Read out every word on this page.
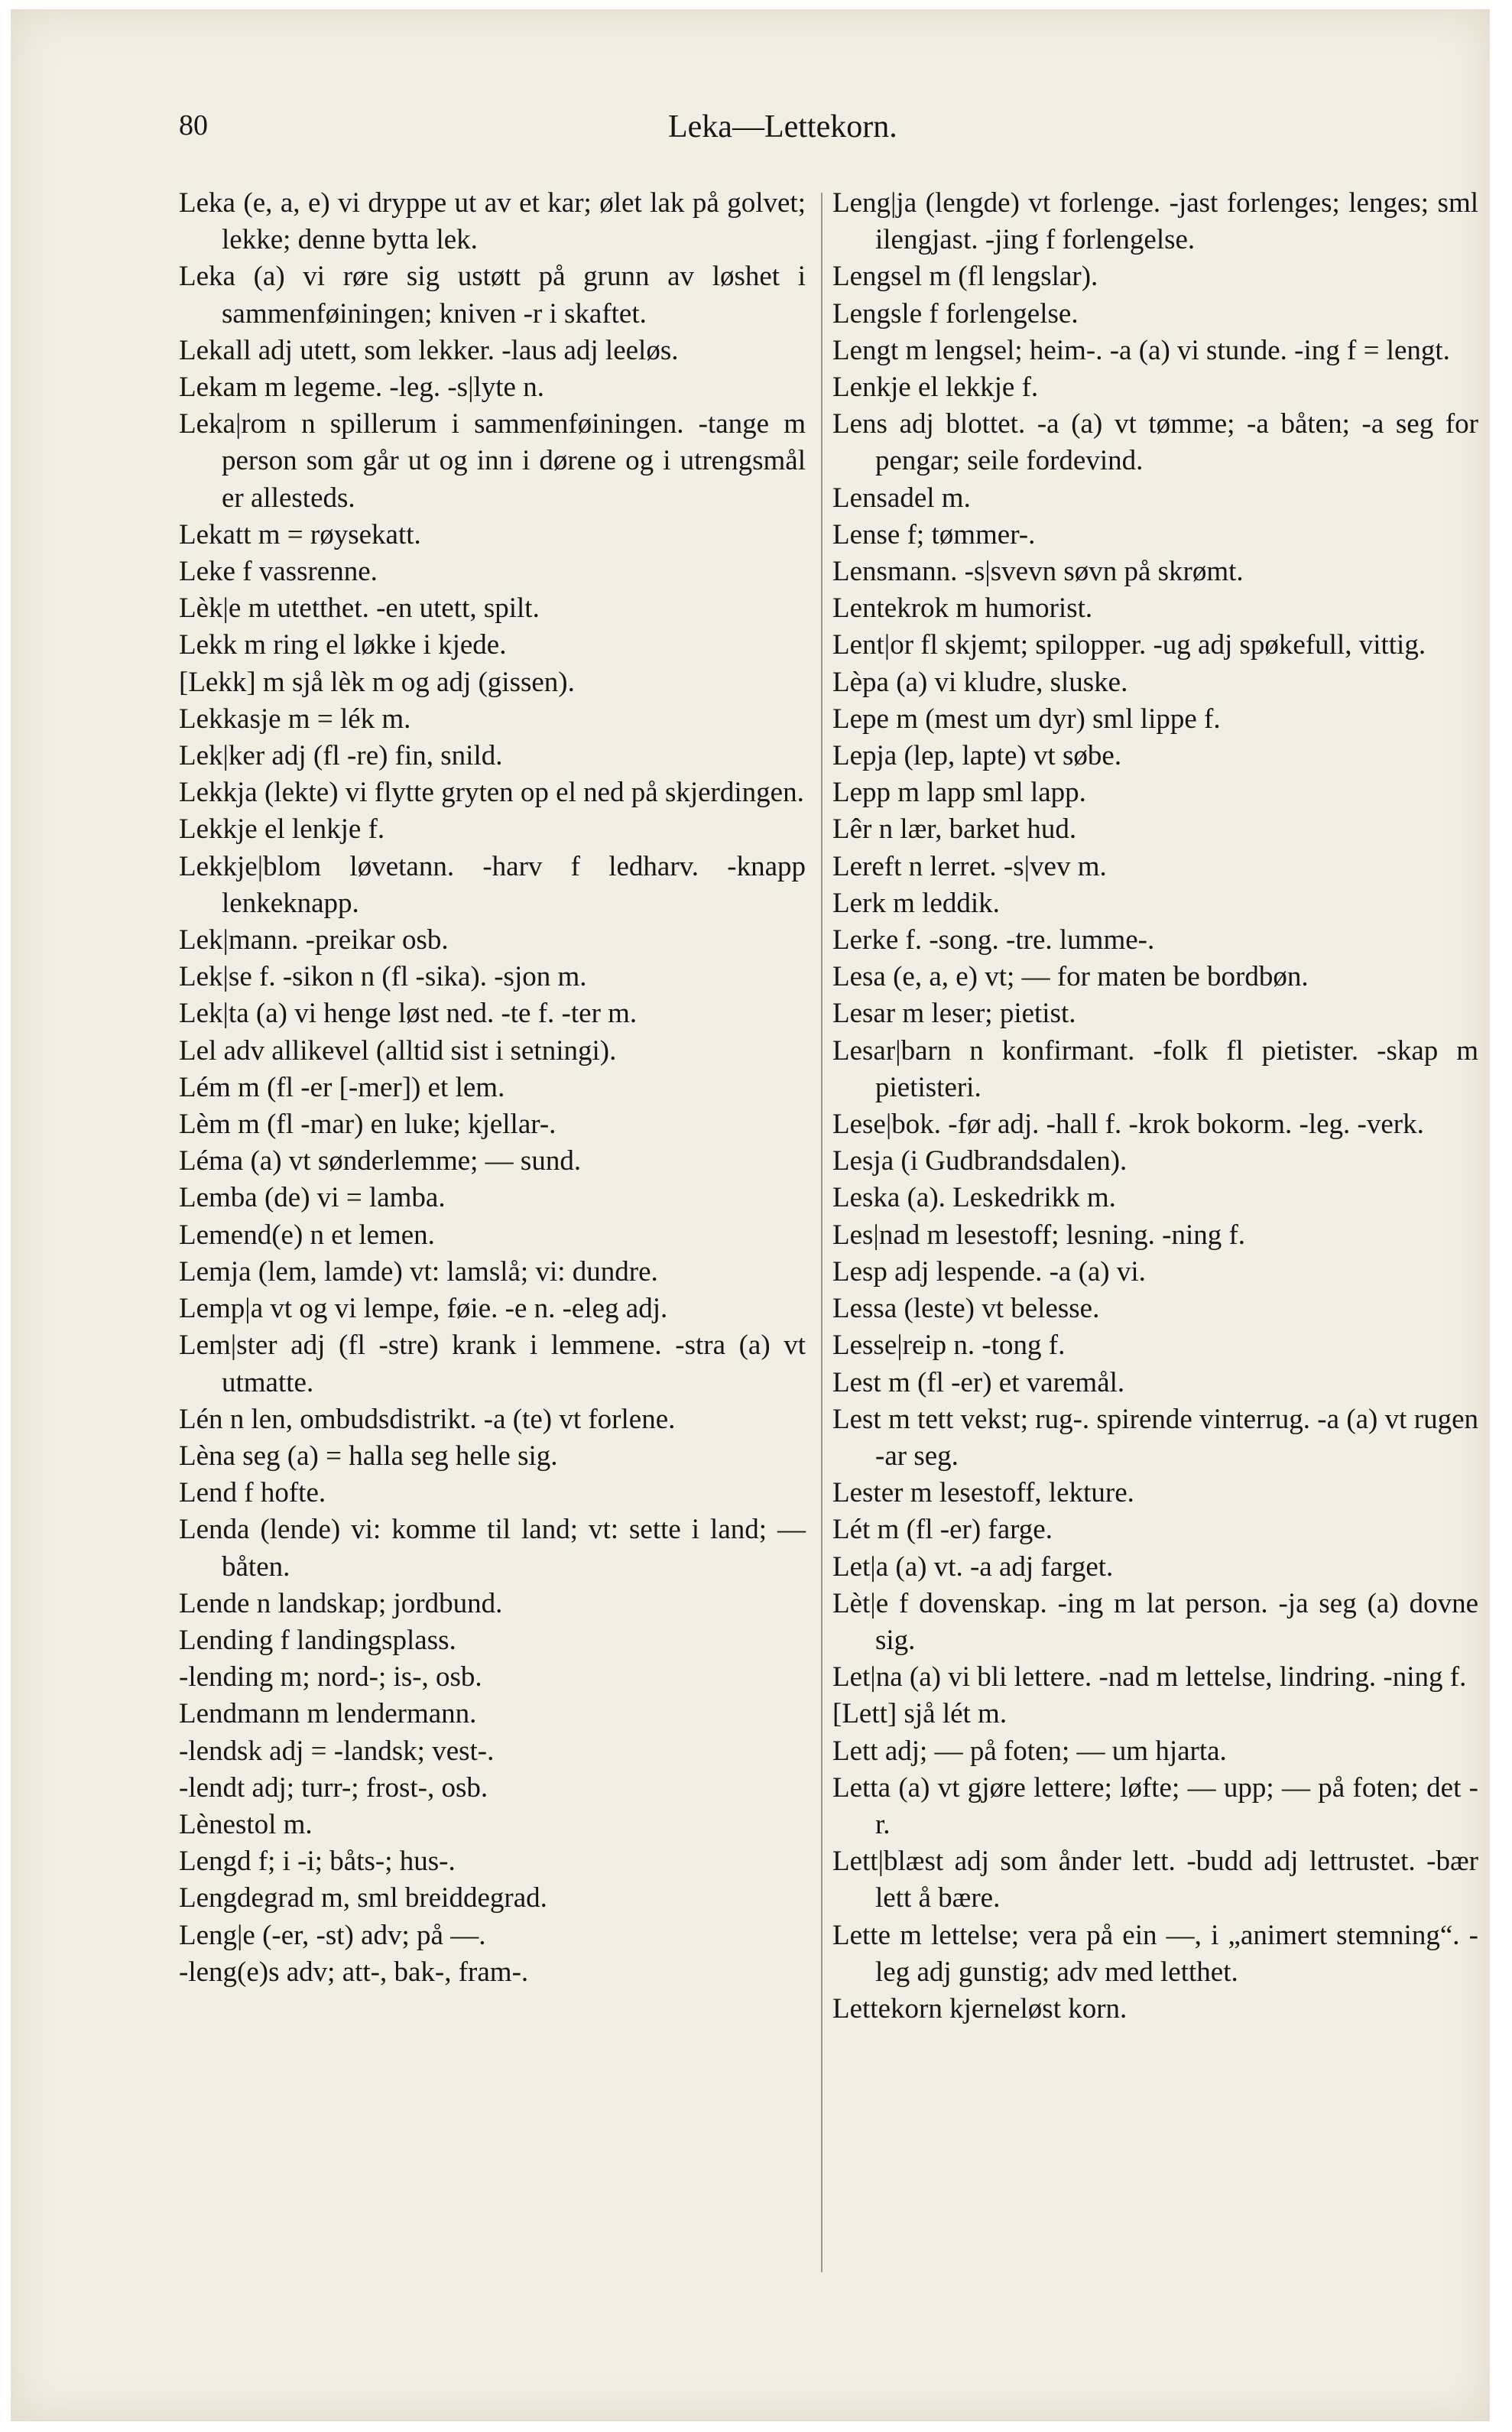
80	Leka—Lettekorn.
Leka (e, a, e) vi dryppe ut av et kar; ølet lak på golvet; lekke; denne bytta lek.
Leka (a) vi røre sig ustøtt på grunn av løshet i sammenføiningen; kniven -r i skaftet.
Lekall adj utett, som lekker. -laus adj leeløs.
Lekam m legeme. -leg. -s|lyte n.
Leka|rom n spillerum i sammenføiningen. -tange m person som går ut og inn i dørene og i utrengsmål er allesteds.
Lekatt m = røysekatt.
Leke f vassrenne.
Lèk|e m utetthet. -en utett, spilt.
Lekk m ring el løkke i kjede.
[Lekk] m sjå lèk m og adj (gissen).
Lekkasje m = lék m.
Lek|ker adj (fl -re) fin, snild.
Lekkja (lekte) vi flytte gryten op el ned på skjerdingen.
Lekkje el lenkje f.
Lekkje|blom løvetann. -harv f ledharv. -knapp lenkeknapp.
Lek|mann. -preikar osb.
Lek|se f. -sikon n (fl -sika). -sjon m.
Lek|ta (a) vi henge løst ned. -te f. -ter m.
Lel adv allikevel (alltid sist i setningi).
Lém m (fl -er [-mer]) et lem.
Lèm m (fl -mar) en luke; kjellar-.
Léma (a) vt sønderlemme; — sund.
Lemba (de) vi = lamba.
Lemend(e) n et lemen.
Lemja (lem, lamde) vt: lamslå; vi: dundre.
Lemp|a vt og vi lempe, føie. -e n. -eleg adj.
Lem|ster adj (fl -stre) krank i lemmene. -stra (a) vt utmatte.
Lén n len, ombudsdistrikt. -a (te) vt forlene.
Lèna seg (a) = halla seg helle sig.
Lend f hofte.
Lenda (lende) vi: komme til land; vt: sette i land; — båten.
Lende n landskap; jordbund.
Lending f landingsplass.
-lending m; nord-; is-, osb.
Lendmann m lendermann.
-lendsk adj = -landsk; vest-.
-lendt adj; turr-; frost-, osb.
Lènestol m.
Lengd f; i -i; båts-; hus-.
Lengdegrad m, sml breiddegrad.
Leng|e (-er, -st) adv; på —.
-leng(e)s adv; att-, bak-, fram-.
Leng|ja (lengde) vt forlenge. -jast forlenges; lenges; sml ilengjast. -jing f forlengelse.
Lengsel m (fl lengslar).
Lengsle f forlengelse.
Lengt m lengsel; heim-. -a (a) vi stunde. -ing f = lengt.
Lenkje el lekkje f.
Lens adj blottet. -a (a) vt tømme; -a båten; -a seg for pengar; seile fordevind.
Lensadel m.
Lense f; tømmer-.
Lensmann. -s|svevn søvn på skrømt.
Lentekrok m humorist.
Lent|or fl skjemt; spilopper. -ug adj spøkefull, vittig.
Lèpa (a) vi kludre, sluske.
Lepe m (mest um dyr) sml lippe f.
Lepja (lep, lapte) vt søbe.
Lepp m lapp sml lapp.
Lêr n lær, barket hud.
Lereft n lerret. -s|vev m.
Lerk m leddik.
Lerke f. -song. -tre. lumme-.
Lesa (e, a, e) vt; — for maten be bordbøn.
Lesar m leser; pietist.
Lesar|barn n konfirmant. -folk fl pietister. -skap m pietisteri.
Lese|bok. -før adj. -hall f. -krok bokorm. -leg. -verk.
Lesja (i Gudbrandsdalen).
Leska (a). Leskedrikk m.
Les|nad m lesestoff; lesning. -ning f.
Lesp adj lespende. -a (a) vi.
Lessa (leste) vt belesse.
Lesse|reip n. -tong f.
Lest m (fl -er) et varemål.
Lest m tett vekst; rug-. spirende vinterrug. -a (a) vt rugen -ar seg.
Lester m lesestoff, lekture.
Lét m (fl -er) farge.
Let|a (a) vt. -a adj farget.
Lèt|e f dovenskap. -ing m lat person. -ja seg (a) dovne sig.
Let|na (a) vi bli lettere. -nad m lettelse, lindring. -ning f.
[Lett] sjå lét m.
Lett adj; — på foten; — um hjarta.
Letta (a) vt gjøre lettere; løfte; — upp; — på foten; det -r.
Lett|blæst adj som ånder lett. -budd adj lettrustet. -bær lett å bære.
Lette m lettelse; vera på ein —, i „animert stemning“. -leg adj gunstig; adv med letthet.
Lettekorn kjerneløst korn.
